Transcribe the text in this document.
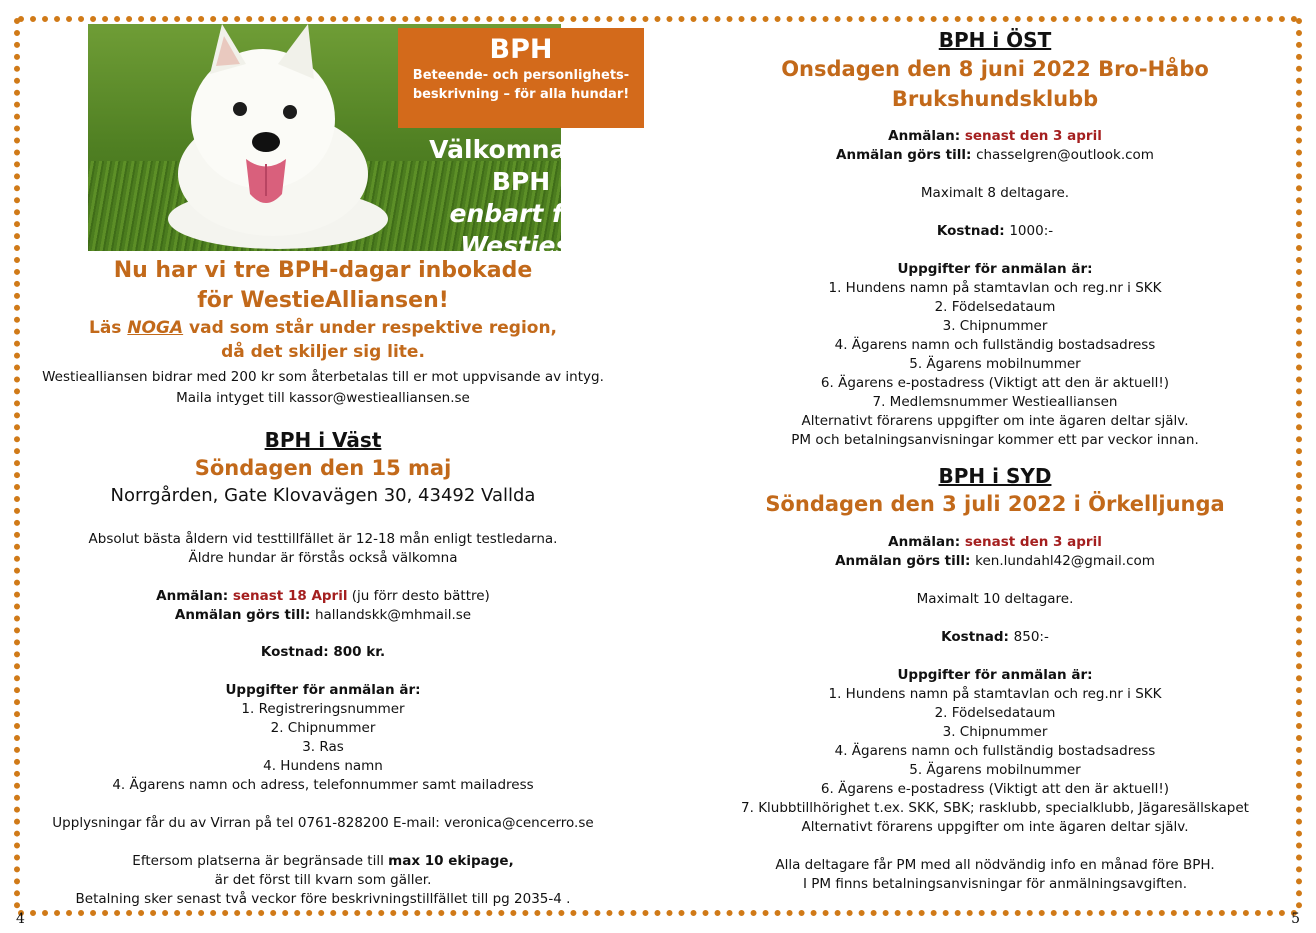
4	5
BPH
Beteende- och personlighets-
beskrivning – för alla hundar!
Välkomna till
BPH
enbart för
Westies!
Nu har vi tre BPH-dagar inbokade
för WestieAlliansen!
Läs NOGA vad som står under respektive region,
då det skiljer sig lite.
Westiealliansen bidrar med 200 kr som återbetalas till er mot uppvisande av intyg.
Maila intyget till kassor@westiealliansen.se
BPH i Väst
Söndagen den 15 maj
Norrgården, Gate Klovavägen 30, 43492 Vallda
Absolut bästa åldern vid testtillfället är 12-18 mån enligt testledarna.
Äldre hundar är förstås också välkomna
Anmälan: senast 18 April (ju förr desto bättre)
Anmälan görs till: hallandskk@mhmail.se
Kostnad: 800 kr.
Uppgifter för anmälan är:
1. Registreringsnummer
2. Chipnummer
3. Ras
4. Hundens namn
4. Ägarens namn och adress, telefonnummer samt mailadress
Upplysningar får du av Virran på tel 0761-828200 E-mail: veronica@cencerro.se
Eftersom platserna är begränsade till max 10 ekipage,
är det först till kvarn som gäller.
Betalning sker senast två veckor före beskrivningstillfället till pg 2035-4 .
BPH i ÖST
Onsdagen den 8 juni 2022 Bro-Håbo Brukshundsklubb
Anmälan: senast den 3 april
Anmälan görs till: chasselgren@outlook.com
Maximalt 8 deltagare.
Kostnad: 1000:-
Uppgifter för anmälan är:
1. Hundens namn på stamtavlan och reg.nr i SKK
2. Födelsedataum
3. Chipnummer
4. Ägarens namn och fullständig bostadsadress
5. Ägarens mobilnummer
6. Ägarens e-postadress (Viktigt att den är aktuell!)
7. Medlemsnummer Westiealliansen
Alternativt förarens uppgifter om inte ägaren deltar själv.
PM och betalningsanvisningar kommer ett par veckor innan.
BPH i SYD
Söndagen den 3 juli 2022 i Örkelljunga
Anmälan: senast den 3 april
Anmälan görs till: ken.lundahl42@gmail.com
Maximalt 10 deltagare.
Kostnad: 850:-
Uppgifter för anmälan är:
1. Hundens namn på stamtavlan och reg.nr i SKK
2. Födelsedataum
3. Chipnummer
4. Ägarens namn och fullständig bostadsadress
5. Ägarens mobilnummer
6. Ägarens e-postadress (Viktigt att den är aktuell!)
7. Klubbtillhörighet t.ex. SKK, SBK; rasklubb, specialklubb, Jägaresällskapet
Alternativt förarens uppgifter om inte ägaren deltar själv.
Alla deltagare får PM med all nödvändig info en månad före BPH.
I PM finns betalningsanvisningar för anmälningsavgiften.
